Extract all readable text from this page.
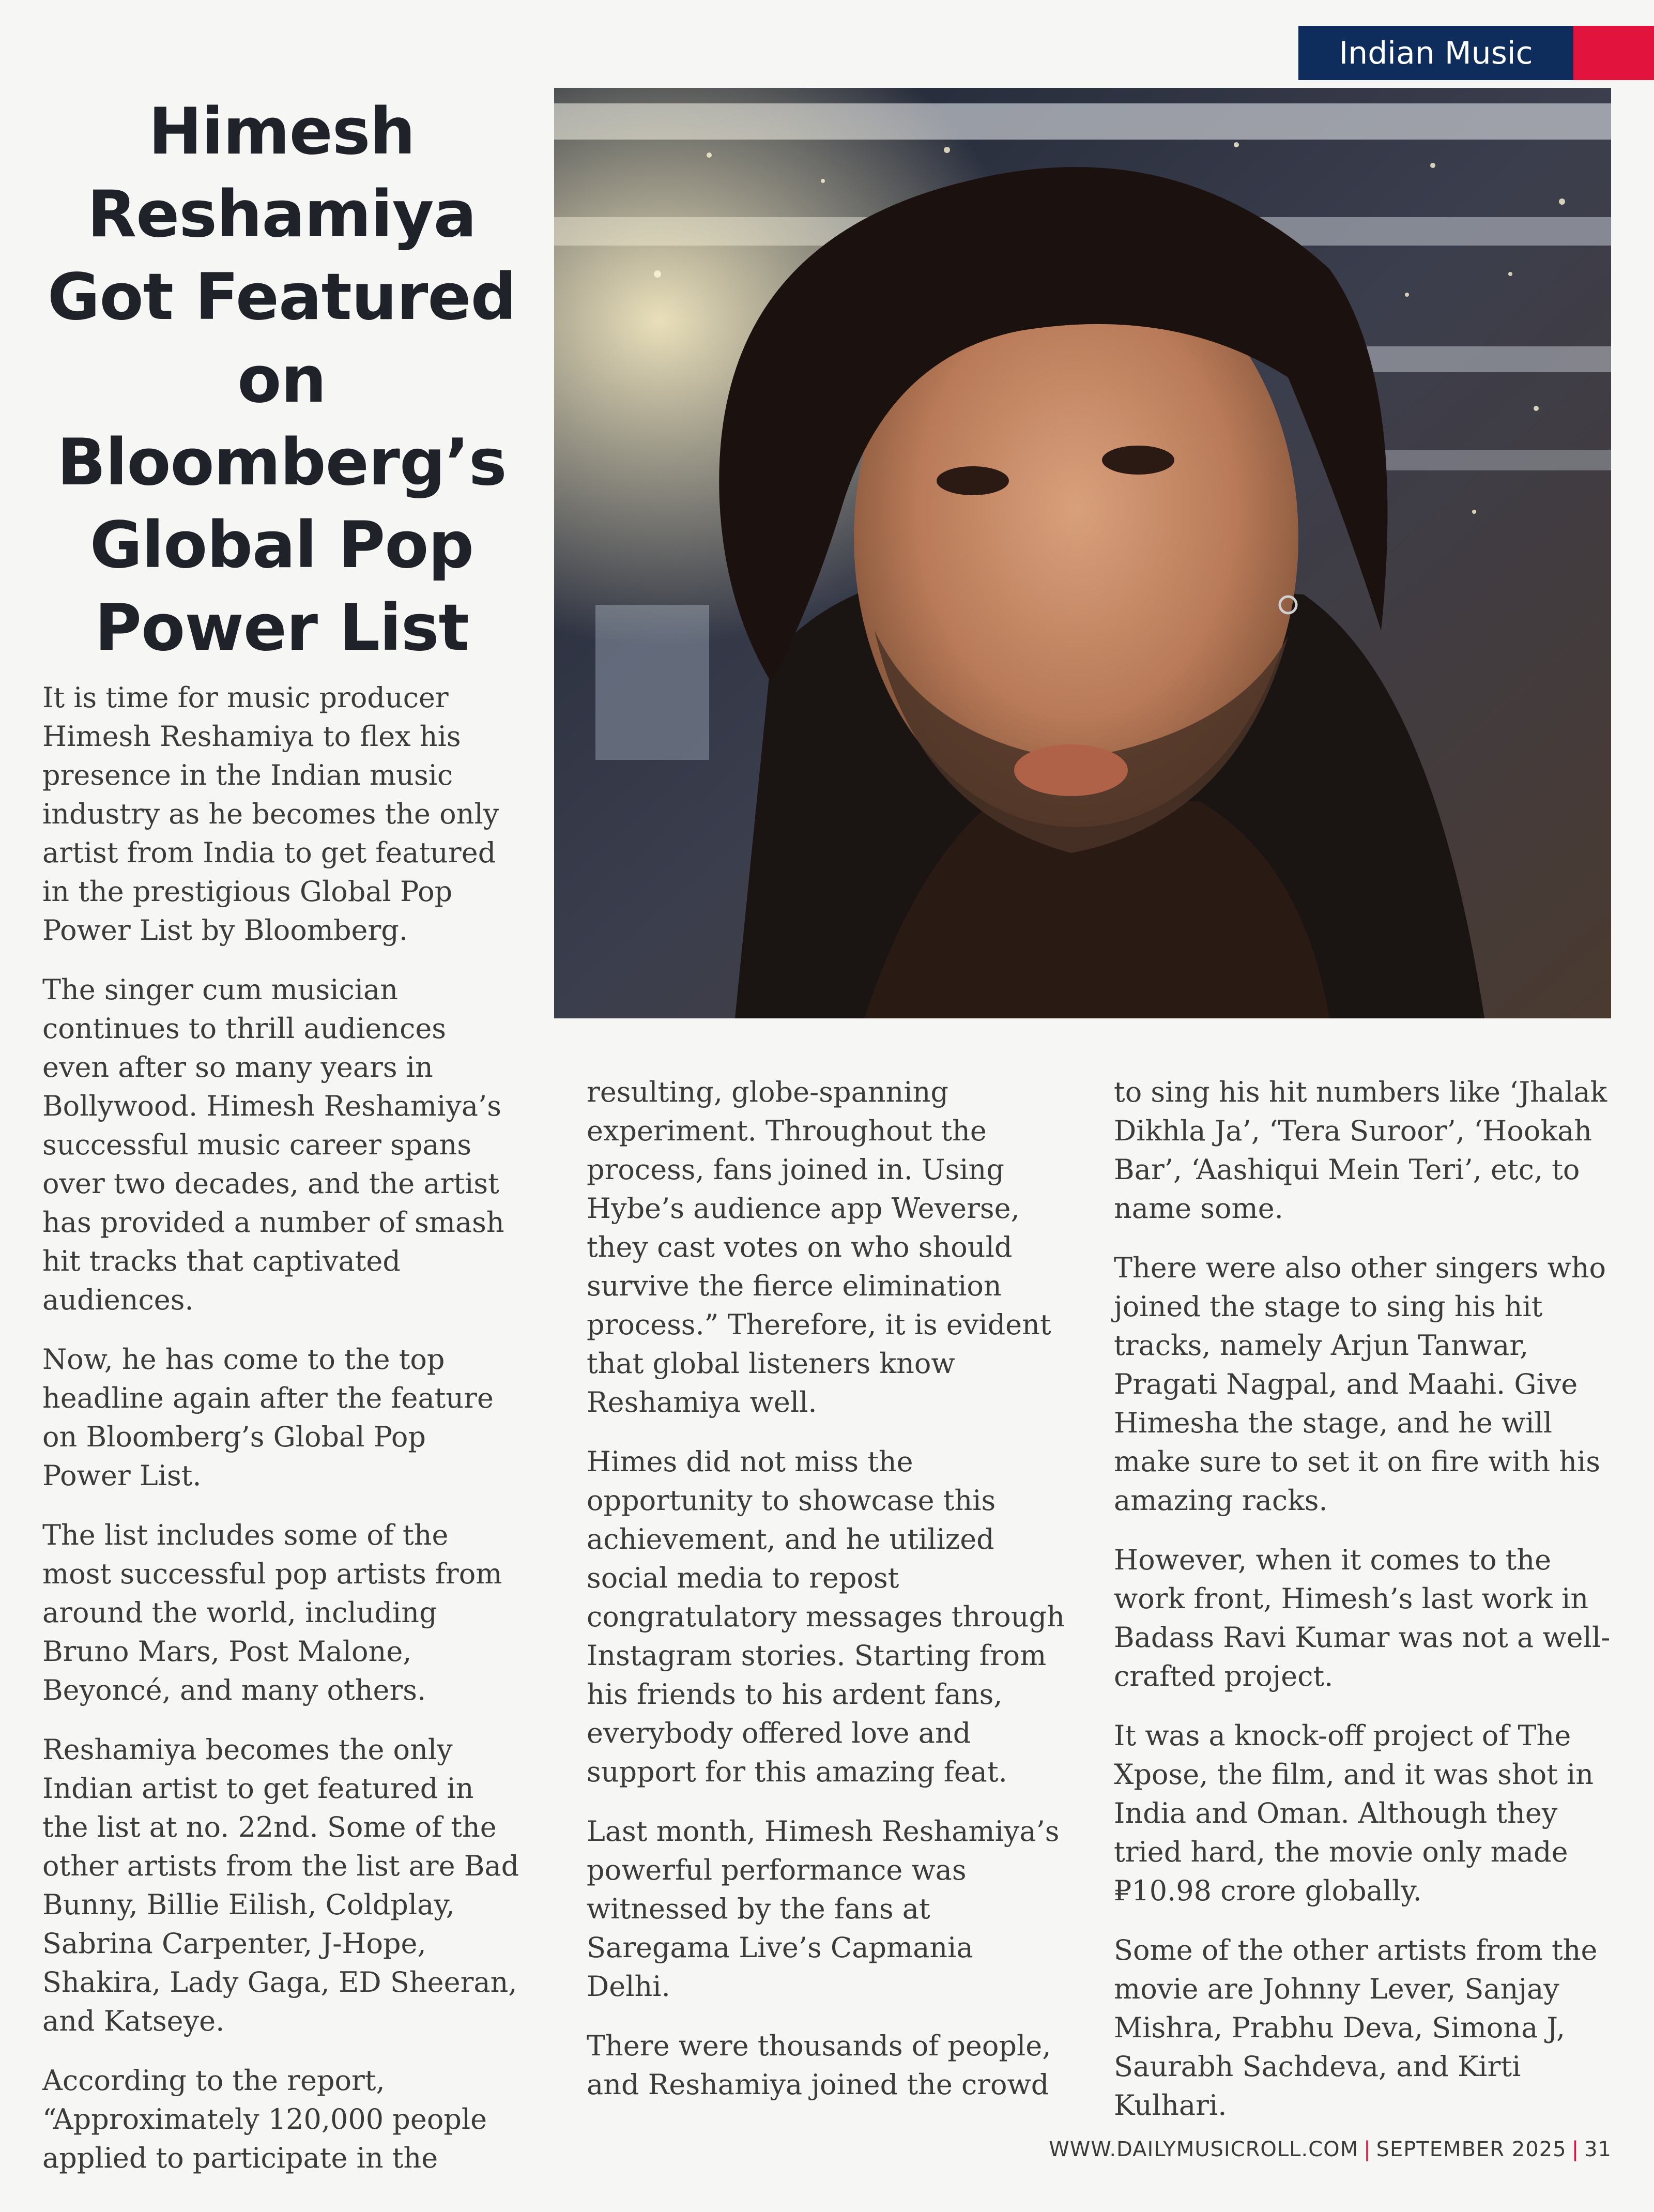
Indian Music
Himesh Reshamiya Got Featured on Bloomberg’s Global Pop Power List

It is time for music producer Himesh Reshamiya to flex his presence in the Indian music industry as he becomes the only artist from India to get featured in the prestigious Global Pop Power List by Bloomberg.

The singer cum musician continues to thrill audiences even after so many years in Bollywood. Himesh Reshamiya’s successful music career spans over two decades, and the artist has provided a number of smash hit tracks that captivated audiences.

Now, he has come to the top headline again after the feature on Bloomberg’s Global Pop Power List.

The list includes some of the most successful pop artists from around the world, including Bruno Mars, Post Malone, Beyoncé, and many others.

Reshamiya becomes the only Indian artist to get featured in the list at no. 22nd. Some of the other artists from the list are Bad Bunny, Billie Eilish, Coldplay, Sabrina Carpenter, J-Hope, Shakira, Lady Gaga, ED Sheeran, and Katseye.

According to the report, “Approximately 120,000 people applied to participate in the

resulting, globe-spanning experiment. Throughout the process, fans joined in. Using Hybe’s audience app Weverse, they cast votes on who should survive the fierce elimination process.” Therefore, it is evident that global listeners know Reshamiya well.

Himes did not miss the opportunity to showcase this achievement, and he utilized social media to repost congratulatory messages through Instagram stories. Starting from his friends to his ardent fans, everybody offered love and support for this amazing feat.

Last month, Himesh Reshamiya’s powerful performance was witnessed by the fans at Saregama Live’s Capmania Delhi.

There were thousands of people, and Reshamiya joined the crowd

to sing his hit numbers like ‘Jhalak Dikhla Ja’, ‘Tera Suroor’, ‘Hookah Bar’, ‘Aashiqui Mein Teri’, etc, to name some.

There were also other singers who joined the stage to sing his hit tracks, namely Arjun Tanwar, Pragati Nagpal, and Maahi. Give Himesha the stage, and he will make sure to set it on fire with his amazing racks.

However, when it comes to the work front, Himesh’s last work in Badass Ravi Kumar was not a well-crafted project.

It was a knock-off project of The Xpose, the film, and it was shot in India and Oman. Although they tried hard, the movie only made ₽10.98 crore globally.

Some of the other artists from the movie are Johnny Lever, Sanjay Mishra, Prabhu Deva, Simona J, Saurabh Sachdeva, and Kirti Kulhari.

WWW.DAILYMUSICROLL.COM | SEPTEMBER 2025 | 31
